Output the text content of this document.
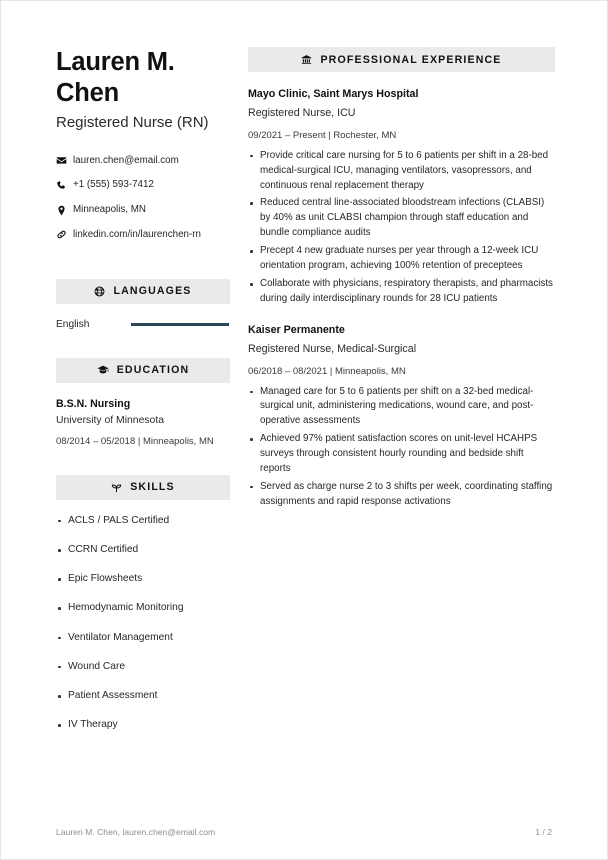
Lauren M. Chen
Registered Nurse (RN)
lauren.chen@email.com
+1 (555) 593-7412
Minneapolis, MN
linkedin.com/in/laurenchen-rn
LANGUAGES
English
EDUCATION
B.S.N. Nursing
University of Minnesota
08/2014 – 05/2018 | Minneapolis, MN
SKILLS
ACLS / PALS Certified
CCRN Certified
Epic Flowsheets
Hemodynamic Monitoring
Ventilator Management
Wound Care
Patient Assessment
IV Therapy
PROFESSIONAL EXPERIENCE
Mayo Clinic, Saint Marys Hospital
Registered Nurse, ICU
09/2021 – Present | Rochester, MN
Provide critical care nursing for 5 to 6 patients per shift in a 28-bed medical-surgical ICU, managing ventilators, vasopressors, and continuous renal replacement therapy
Reduced central line-associated bloodstream infections (CLABSI) by 40% as unit CLABSI champion through staff education and bundle compliance audits
Precept 4 new graduate nurses per year through a 12-week ICU orientation program, achieving 100% retention of preceptees
Collaborate with physicians, respiratory therapists, and pharmacists during daily interdisciplinary rounds for 28 ICU patients
Kaiser Permanente
Registered Nurse, Medical-Surgical
06/2018 – 08/2021 | Minneapolis, MN
Managed care for 5 to 6 patients per shift on a 32-bed medical-surgical unit, administering medications, wound care, and post-operative assessments
Achieved 97% patient satisfaction scores on unit-level HCAHPS surveys through consistent hourly rounding and bedside shift reports
Served as charge nurse 2 to 3 shifts per week, coordinating staffing assignments and rapid response activations
Lauren M. Chen, lauren.chen@email.com	1 / 2
